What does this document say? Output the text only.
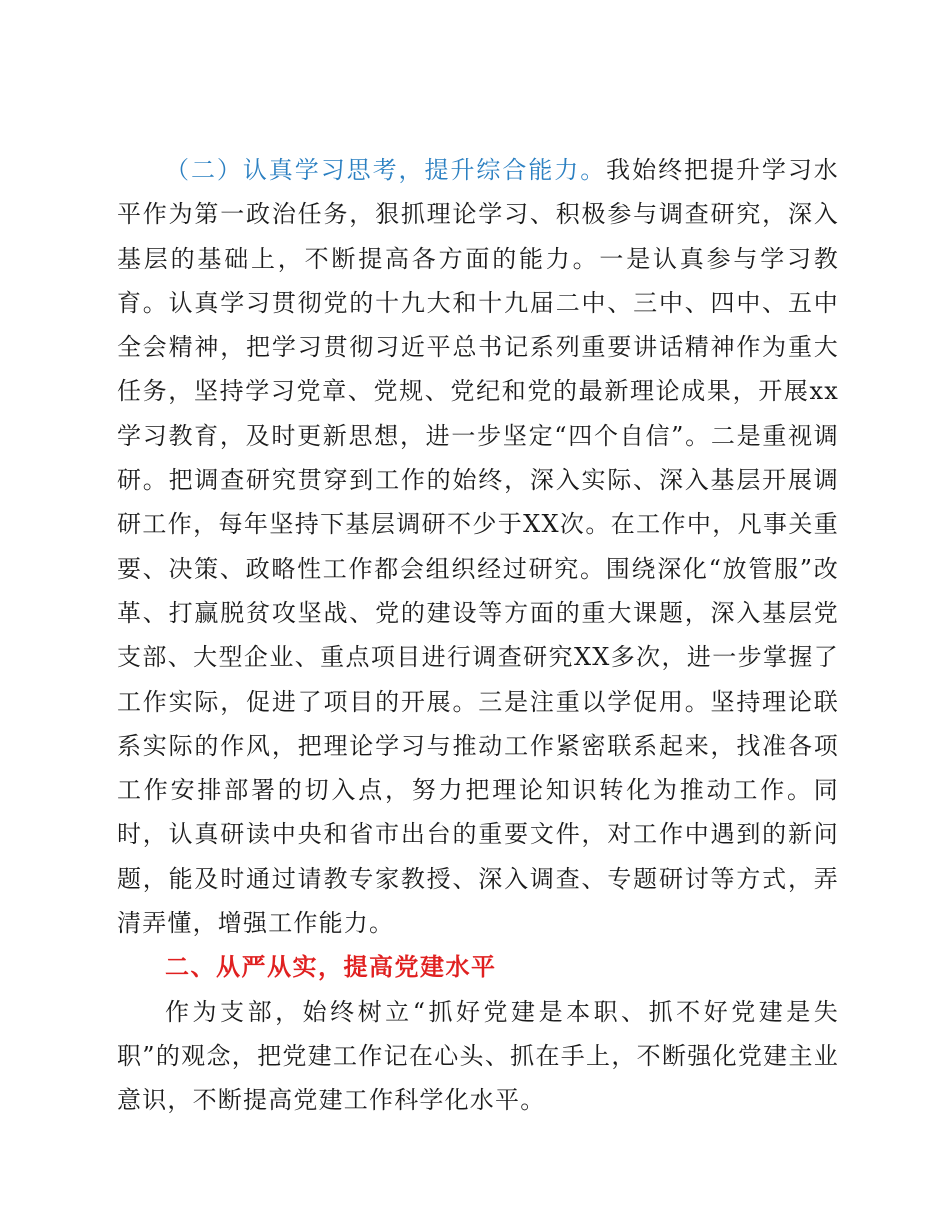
（二）认真学习思考，提升综合能力。我始终把提升学习水平作为第一政治任务，狠抓理论学习、积极参与调查研究，深入基层的基础上，不断提高各方面的能力。一是认真参与学习教育。认真学习贯彻党的十九大和十九届二中、三中、四中、五中全会精神，把学习贯彻习近平总书记系列重要讲话精神作为重大任务，坚持学习党章、党规、党纪和党的最新理论成果，开展xx学习教育，及时更新思想，进一步坚定“四个自信”。二是重视调研。把调查研究贯穿到工作的始终，深入实际、深入基层开展调研工作，每年坚持下基层调研不少于XX次。在工作中，凡事关重要、决策、政略性工作都会组织经过研究。围绕深化“放管服”改革、打赢脱贫攻坚战、党的建设等方面的重大课题，深入基层党支部、大型企业、重点项目进行调查研究XX多次，进一步掌握了工作实际，促进了项目的开展。三是注重以学促用。坚持理论联系实际的作风，把理论学习与推动工作紧密联系起来，找准各项工作安排部署的切入点，努力把理论知识转化为推动工作。同时，认真研读中央和省市出台的重要文件，对工作中遇到的新问题，能及时通过请教专家教授、深入调查、专题研讨等方式，弄清弄懂，增强工作能力。

二、从严从实，提高党建水平

作为支部，始终树立“抓好党建是本职、抓不好党建是失职”的观念，把党建工作记在心头、抓在手上，不断强化党建主业意识，不断提高党建工作科学化水平。
